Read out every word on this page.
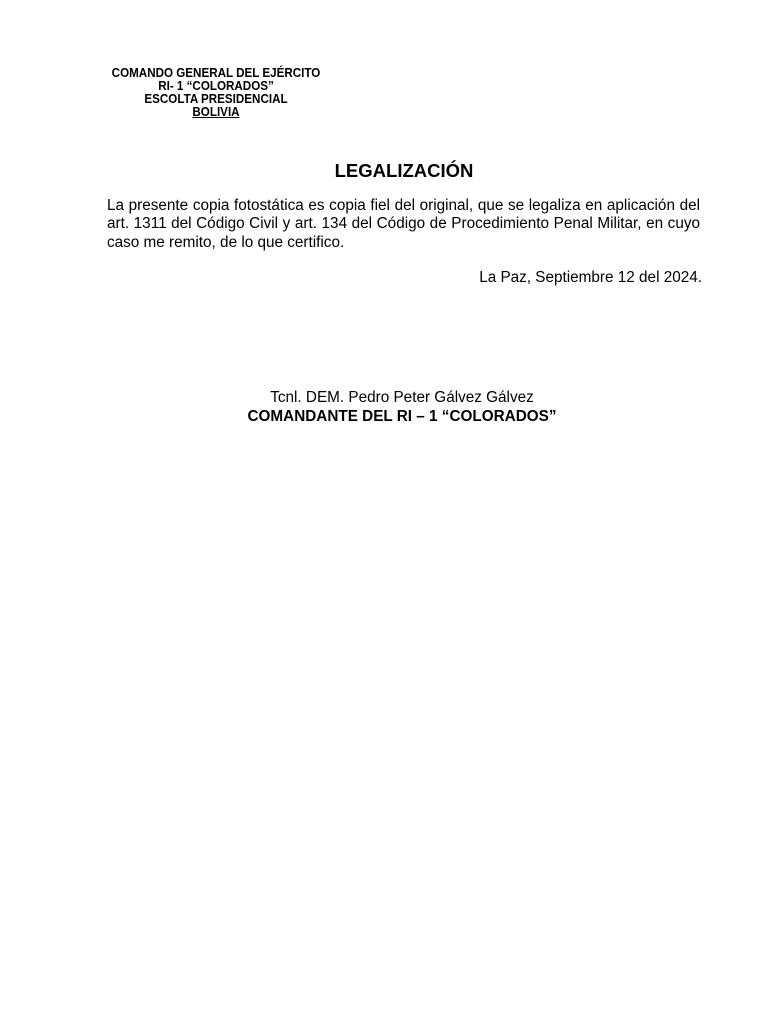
COMANDO GENERAL DEL EJÉRCITO
RI- 1 “COLORADOS”
ESCOLTA PRESIDENCIAL
BOLIVIA
LEGALIZACIÓN
La presente copia fotostática es copia fiel del original, que se legaliza en aplicación del art. 1311 del Código Civil y art. 134 del Código de Procedimiento Penal Militar, en cuyo caso me remito, de lo que certifico.
La Paz, Septiembre 12 del 2024.
Tcnl. DEM. Pedro Peter Gálvez Gálvez
COMANDANTE DEL RI – 1 “COLORADOS”
